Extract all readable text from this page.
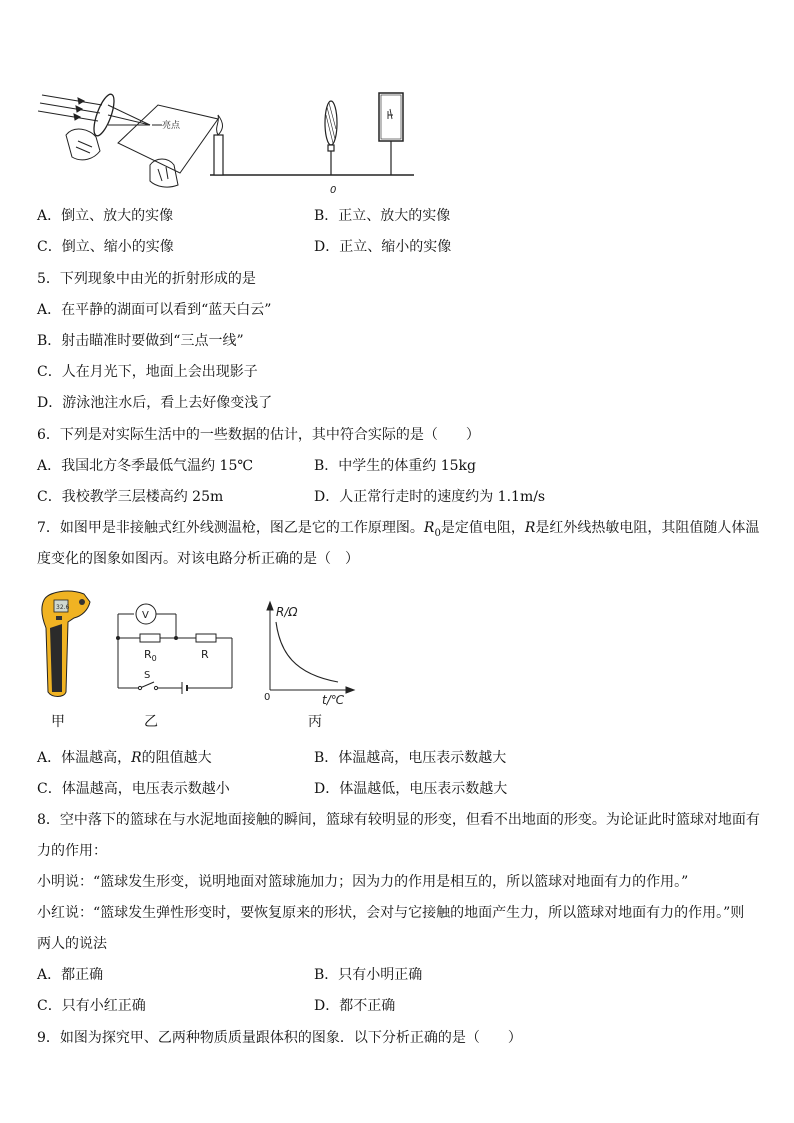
亮点
0
A．倒立、放大的实像	B．正立、放大的实像
C．倒立、缩小的实像	D．正立、缩小的实像
5．下列现象中由光的折射形成的是
A．在平静的湖面可以看到“蓝天白云”
B．射击瞄准时要做到“三点一线”
C．人在月光下，地面上会出现影子
D．游泳池注水后，看上去好像变浅了
6．下列是对实际生活中的一些数据的估计，其中符合实际的是（　　）
A．我国北方冬季最低气温约 15℃	B．中学生的体重约 15kg
C．我校教学三层楼高约 25m	D．人正常行走时的速度约为 1.1m/s
7．如图甲是非接触式红外线测温枪，图乙是它的工作原理图。$R_0$是定值电阻，R是红外线热敏电阻，其阻值随人体温
度变化的图象如图丙。对该电路分析正确的是（　）
32.6
V
$R_0$	R
S
R/Ω
0	t/℃
甲	乙	丙
A．体温越高，R的阻值越大	B．体温越高，电压表示数越大
C．体温越高，电压表示数越小	D．体温越低，电压表示数越大
8．空中落下的篮球在与水泥地面接触的瞬间，篮球有较明显的形变，但看不出地面的形变。为论证此时篮球对地面有
力的作用：
小明说：“篮球发生形变，说明地面对篮球施加力；因为力的作用是相互的，所以篮球对地面有力的作用。”
小红说：“篮球发生弹性形变时，要恢复原来的形状，会对与它接触的地面产生力，所以篮球对地面有力的作用。”则
两人的说法
A．都正确	B．只有小明正确
C．只有小红正确	D．都不正确
9．如图为探究甲、乙两种物质质量跟体积的图象．以下分析正确的是（　　）
